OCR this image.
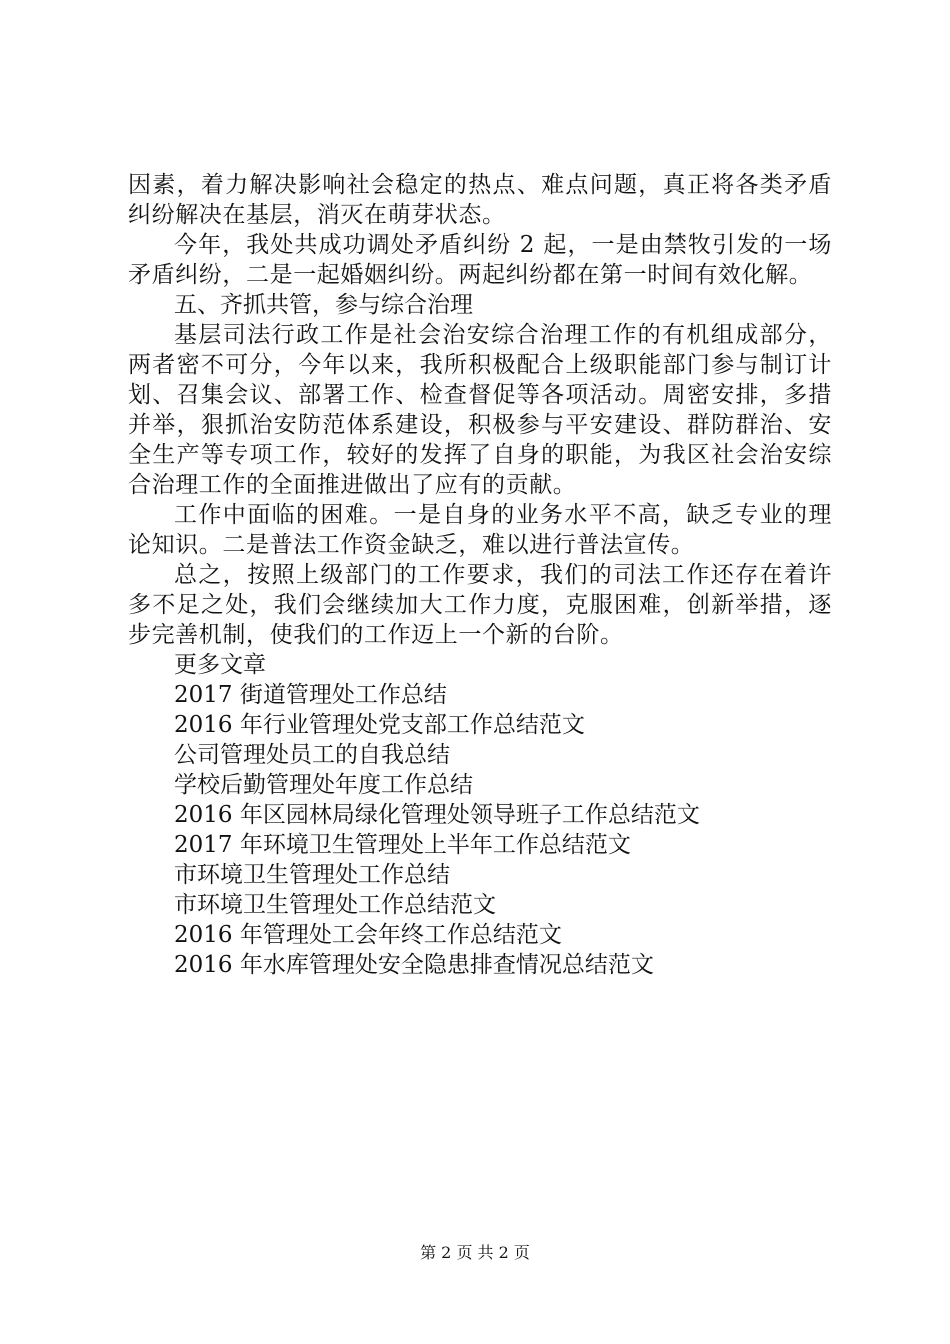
因素，着力解决影响社会稳定的热点、难点问题，真正将各类矛盾纠纷解决在基层，消灭在萌芽状态。

今年，我处共成功调处矛盾纠纷 2 起，一是由禁牧引发的一场矛盾纠纷，二是一起婚姻纠纷。两起纠纷都在第一时间有效化解。

五、齐抓共管，参与综合治理

基层司法行政工作是社会治安综合治理工作的有机组成部分，两者密不可分，今年以来，我所积极配合上级职能部门参与制订计划、召集会议、部署工作、检查督促等各项活动。周密安排，多措并举，狠抓治安防范体系建设，积极参与平安建设、群防群治、安全生产等专项工作，较好的发挥了自身的职能，为我区社会治安综合治理工作的全面推进做出了应有的贡献。

工作中面临的困难。一是自身的业务水平不高，缺乏专业的理论知识。二是普法工作资金缺乏，难以进行普法宣传。

总之，按照上级部门的工作要求，我们的司法工作还存在着许多不足之处，我们会继续加大工作力度，克服困难，创新举措，逐步完善机制，使我们的工作迈上一个新的台阶。

更多文章

2017 街道管理处工作总结
2016 年行业管理处党支部工作总结范文
公司管理处员工的自我总结
学校后勤管理处年度工作总结
2016 年区园林局绿化管理处领导班子工作总结范文
2017 年环境卫生管理处上半年工作总结范文
市环境卫生管理处工作总结
市环境卫生管理处工作总结范文
2016 年管理处工会年终工作总结范文
2016 年水库管理处安全隐患排查情况总结范文
第 2 页 共 2 页
